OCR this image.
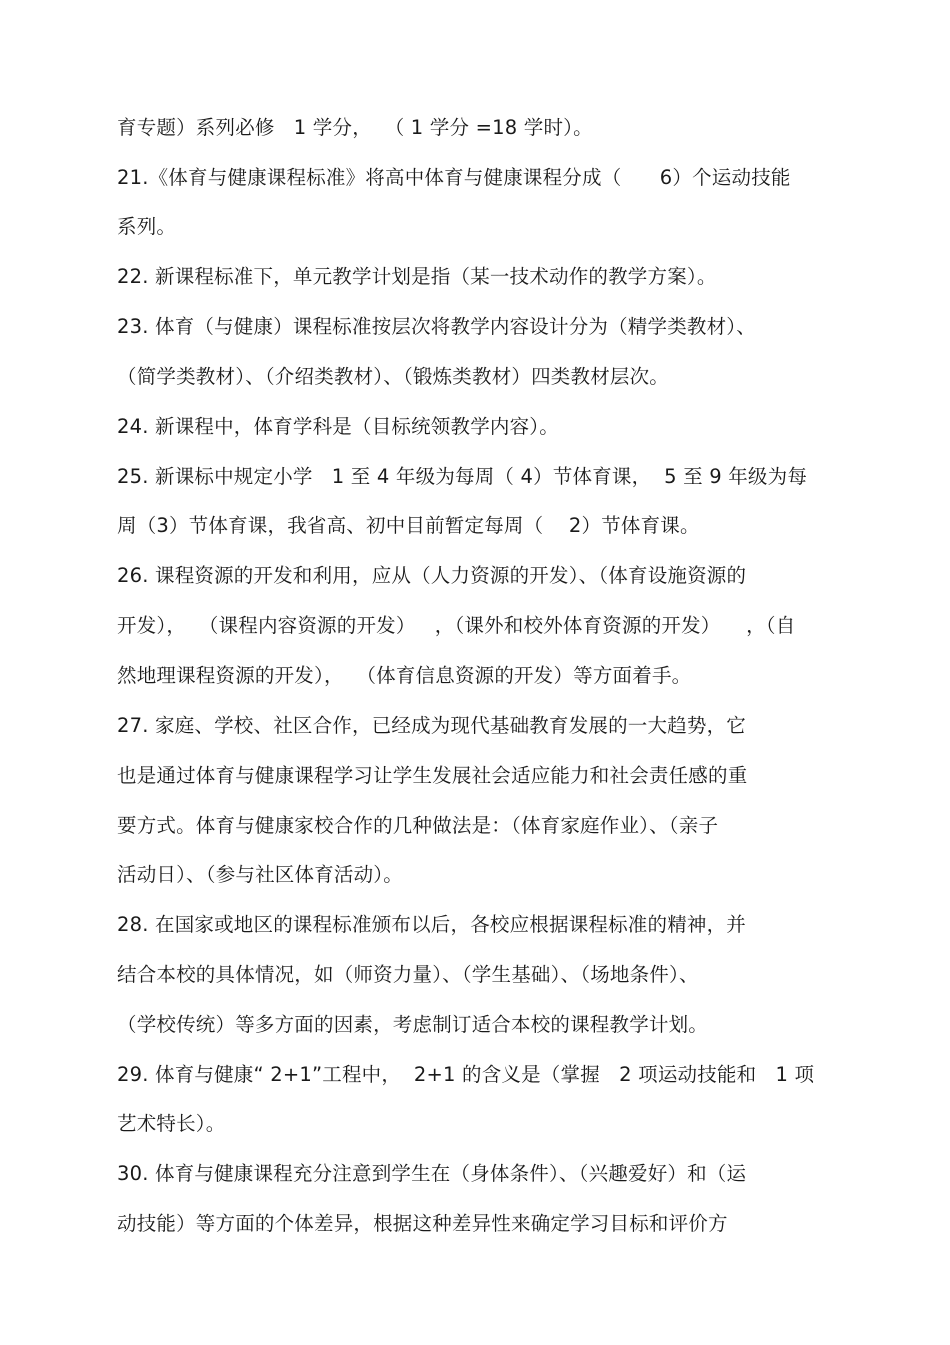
育专题）系列必修   1 学分，  （ 1 学分 =18 学时）。
21.《体育与健康课程标准》将高中体育与健康课程分成（      6）个运动技能
系列。
22. 新课程标准下，单元教学计划是指（某一技术动作的教学方案）。
23. 体育（与健康）课程标准按层次将教学内容设计分为（精学类教材）、
（简学类教材）、（介绍类教材）、（锻炼类教材）四类教材层次。
24. 新课程中，体育学科是（目标统领教学内容）。
25. 新课标中规定小学   1 至 4 年级为每周（ 4）节体育课，  5 至 9 年级为每
周（3）节体育课，我省高、初中目前暂定每周（    2）节体育课。
26. 课程资源的开发和利用，应从（人力资源的开发）、（体育设施资源的
开发），  （课程内容资源的开发）   ，（课外和校外体育资源的开发）    ，（自
然地理课程资源的开发），  （体育信息资源的开发）等方面着手。
27. 家庭、学校、社区合作，已经成为现代基础教育发展的一大趋势，它
也是通过体育与健康课程学习让学生发展社会适应能力和社会责任感的重
要方式。体育与健康家校合作的几种做法是：（体育家庭作业）、（亲子
活动日）、（参与社区体育活动）。
28. 在国家或地区的课程标准颁布以后，各校应根据课程标准的精神，并
结合本校的具体情况，如（师资力量）、（学生基础）、（场地条件）、
（学校传统）等多方面的因素，考虑制订适合本校的课程教学计划。
29. 体育与健康“ 2+1”工程中，  2+1 的含义是（掌握   2 项运动技能和   1 项
艺术特长）。
30. 体育与健康课程充分注意到学生在（身体条件）、（兴趣爱好）和（运
动技能）等方面的个体差异，根据这种差异性来确定学习目标和评价方
